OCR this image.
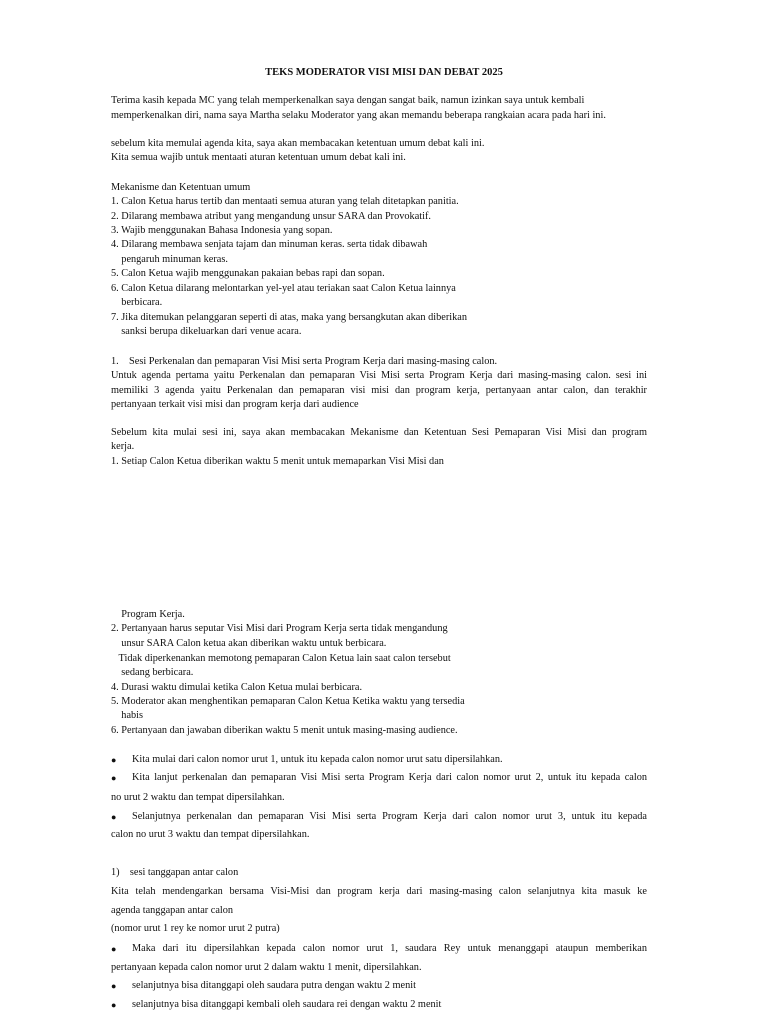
TEKS MODERATOR VISI MISI DAN DEBAT 2025
Terima kasih kepada MC yang telah memperkenalkan saya dengan sangat baik, namun izinkan saya untuk kembali
memperkenalkan diri, nama saya Martha selaku Moderator yang akan memandu beberapa rangkaian acara pada hari ini.
sebelum kita memulai agenda kita, saya akan membacakan ketentuan umum debat kali ini.
Kita semua wajib untuk mentaati aturan ketentuan umum debat kali ini.
Mekanisme dan Ketentuan umum
1. Calon Ketua harus tertib dan mentaati semua aturan yang telah ditetapkan panitia.
2. Dilarang membawa atribut yang mengandung unsur SARA dan Provokatif.
3. Wajib menggunakan Bahasa Indonesia yang sopan.
4. Dilarang membawa senjata tajam dan minuman keras. serta tidak dibawah
pengaruh minuman keras.
5. Calon Ketua wajib menggunakan pakaian bebas rapi dan sopan.
6. Calon Ketua dilarang melontarkan yel-yel atau teriakan saat Calon Ketua lainnya
berbicara.
7. Jika ditemukan pelanggaran seperti di atas, maka yang bersangkutan akan diberikan
sanksi berupa dikeluarkan dari venue acara.
1.    Sesi Perkenalan dan pemaparan Visi Misi serta Program Kerja dari masing-masing calon.
Untuk agenda pertama yaitu Perkenalan dan pemaparan Visi Misi serta Program Kerja dari masing-masing calon. sesi ini
memiliki 3 agenda yaitu Perkenalan dan pemaparan visi misi dan program kerja, pertanyaan antar calon, dan terakhir
pertanyaan terkait visi misi dan program kerja dari audience
Sebelum kita mulai sesi ini, saya akan membacakan Mekanisme dan Ketentuan Sesi Pemaparan Visi Misi dan program
kerja.
1. Setiap Calon Ketua diberikan waktu 5 menit untuk memaparkan Visi Misi dan
Program Kerja.
2. Pertanyaan harus seputar Visi Misi dari Program Kerja serta tidak mengandung
unsur SARA Calon ketua akan diberikan waktu untuk berbicara.
Tidak diperkenankan memotong pemaparan Calon Ketua lain saat calon tersebut
sedang berbicara.
4. Durasi waktu dimulai ketika Calon Ketua mulai berbicara.
5. Moderator akan menghentikan pemaparan Calon Ketua Ketika waktu yang tersedia
habis
6. Pertanyaan dan jawaban diberikan waktu 5 menit untuk masing-masing audience.
● Kita mulai dari calon nomor urut 1, untuk itu kepada calon nomor urut satu dipersilahkan.
● Kita lanjut perkenalan dan pemaparan Visi Misi serta Program Kerja dari calon nomor urut 2, untuk itu kepada calon
no urut 2 waktu dan tempat dipersilahkan.
● Selanjutnya perkenalan dan pemaparan Visi Misi serta Program Kerja dari calon nomor urut 3, untuk itu kepada
calon no urut 3 waktu dan tempat dipersilahkan.
1)    sesi tanggapan antar calon
Kita telah mendengarkan bersama Visi-Misi dan program kerja dari masing-masing calon selanjutnya kita masuk ke
agenda tanggapan antar calon
(nomor urut 1 rey ke nomor urut 2 putra)
● Maka dari itu dipersilahkan kepada calon nomor urut 1, saudara Rey untuk menanggapi ataupun memberikan
pertanyaan kepada calon nomor urut 2 dalam waktu 1 menit, dipersilahkan.
● selanjutnya bisa ditanggapi oleh saudara putra dengan waktu 2 menit
● selanjutnya bisa ditanggapi kembali oleh saudara rei dengan waktu 2 menit
